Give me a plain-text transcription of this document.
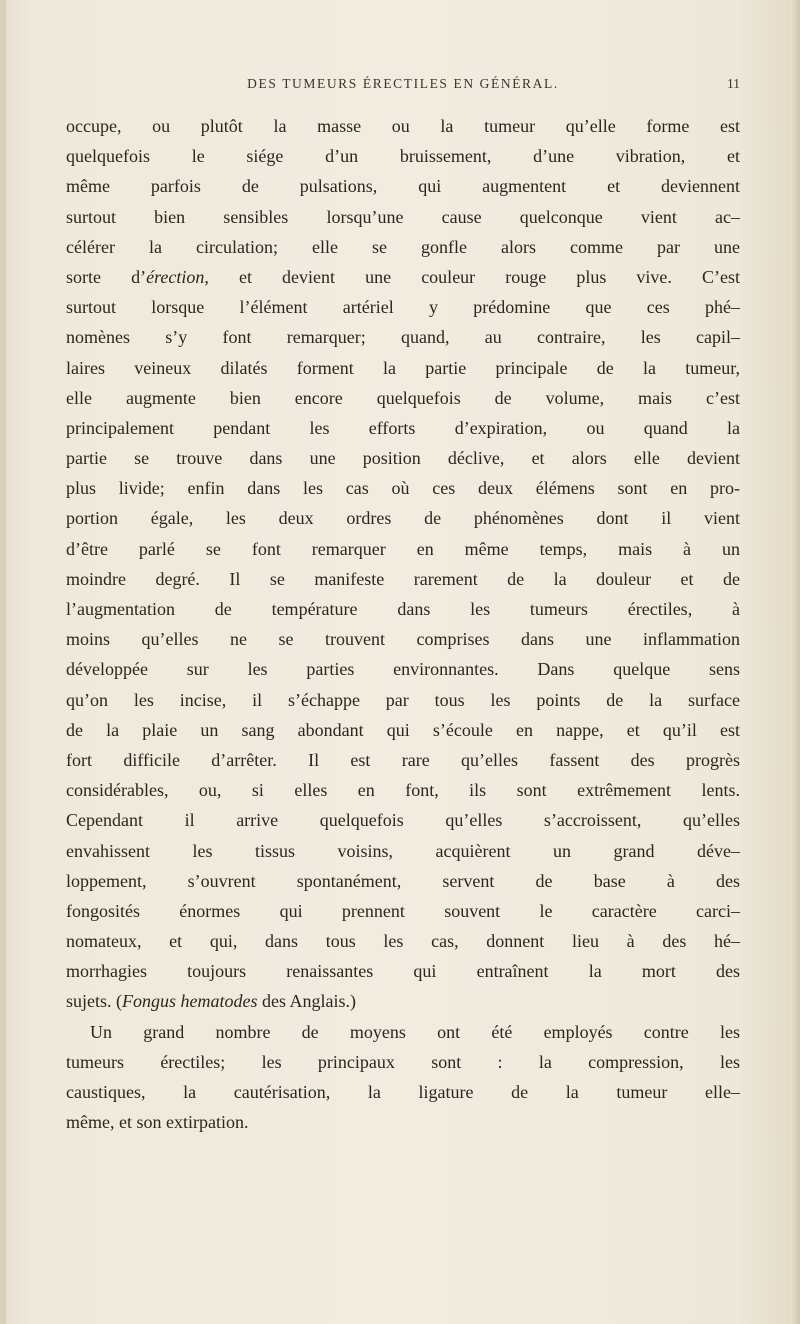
DES TUMEURS ÉRECTILES EN GÉNÉRAL.	11
occupe, ou plutôt la masse ou la tumeur qu’elle forme est
quelquefois le siége d’un bruissement, d’une vibration, et
même parfois de pulsations, qui augmentent et deviennent
surtout bien sensibles lorsqu’une cause quelconque vient ac–
célérer la circulation; elle se gonfle alors comme par une
sorte d’érection, et devient une couleur rouge plus vive. C’est
surtout lorsque l’élément artériel y prédomine que ces phé–
nomènes s’y font remarquer; quand, au contraire, les capil–
laires veineux dilatés forment la partie principale de la tumeur,
elle augmente bien encore quelquefois de volume, mais c’est
principalement pendant les efforts d’expiration, ou quand la
partie se trouve dans une position déclive, et alors elle devient
plus livide; enfin dans les cas où ces deux élémens sont en pro-
portion égale, les deux ordres de phénomènes dont il vient
d’être parlé se font remarquer en même temps, mais à un
moindre degré. Il se manifeste rarement de la douleur et de
l’augmentation de température dans les tumeurs érectiles, à
moins qu’elles ne se trouvent comprises dans une inflammation
développée sur les parties environnantes. Dans quelque sens
qu’on les incise, il s’échappe par tous les points de la surface
de la plaie un sang abondant qui s’écoule en nappe, et qu’il est
fort difficile d’arrêter. Il est rare qu’elles fassent des progrès
considérables, ou, si elles en font, ils sont extrêmement lents.
Cependant il arrive quelquefois qu’elles s’accroissent, qu’elles
envahissent les tissus voisins, acquièrent un grand déve–
loppement, s’ouvrent spontanément, servent de base à des
fongosités énormes qui prennent souvent le caractère carci–
nomateux, et qui, dans tous les cas, donnent lieu à des hé–
morrhagies toujours renaissantes qui entraînent la mort des
sujets. (Fongus hematodes des Anglais.)
Un grand nombre de moyens ont été employés contre les
tumeurs érectiles; les principaux sont : la compression, les
caustiques, la cautérisation, la ligature de la tumeur elle–
même, et son extirpation.
